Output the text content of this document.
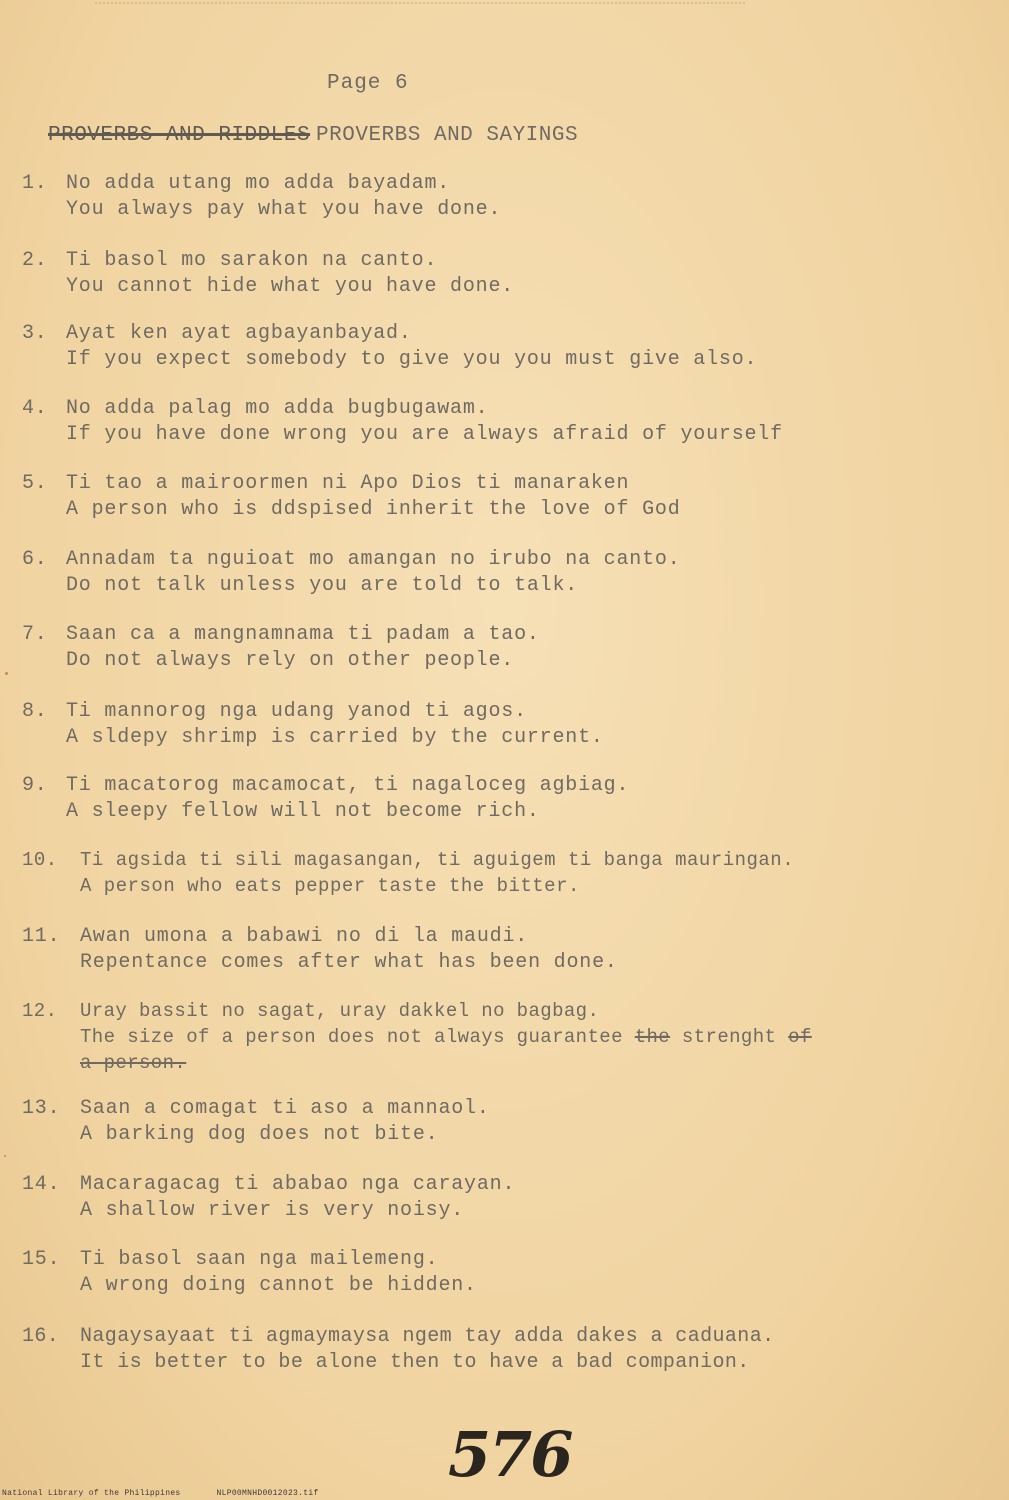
Page 6
PROVERBS AND RIDDLES PROVERBS AND SAYINGS
1. No adda utang mo adda bayadam.
You always pay what you have done.
2. Ti basol mo sarakon na canto.
You cannot hide what you have done.
3. Ayat ken ayat agbayanbayad.
If you expect somebody to give you you must give also.
4. No adda palag mo adda bugbugawam.
If you have done wrong you are always afraid of yourself
5. Ti tao a mairoormen ni Apo Dios ti manaraken
A person who is ddspised inherit the love of God
6. Annadam ta nguioat mo amangan no irubo na canto.
Do not talk unless you are told to talk.
7. Saan ca a mangnamnama ti padam a tao.
Do not always rely on other people.
8. Ti mannorog nga udang yanod ti agos.
A sldepy shrimp is carried by the current.
9. Ti macatorog macamocat, ti nagaloceg agbiag.
A sleepy fellow will not become rich.
10. Ti agsida ti sili magasangan, ti aguigem ti banga mauringan.
A person who eats pepper taste the bitter.
11. Awan umona a babawi no di la maudi.
Repentance comes after what has been done.
12. Uray bassit no sagat, uray dakkel no bagbag.
The size of a person does not always guarantee the strenght of
a person.
13. Saan a comagat ti aso a mannaol.
A barking dog does not bite.
14. Macaragacag ti ababao nga carayan.
A shallow river is very noisy.
15. Ti basol saan nga mailemeng.
A wrong doing cannot be hidden.
16. Nagaysayaat ti agmaymaysa ngem tay adda dakes a caduana.
It is better to be alone then to have a bad companion.
576
National Library of the Philippines	NLP00MNHD0012023.tif
